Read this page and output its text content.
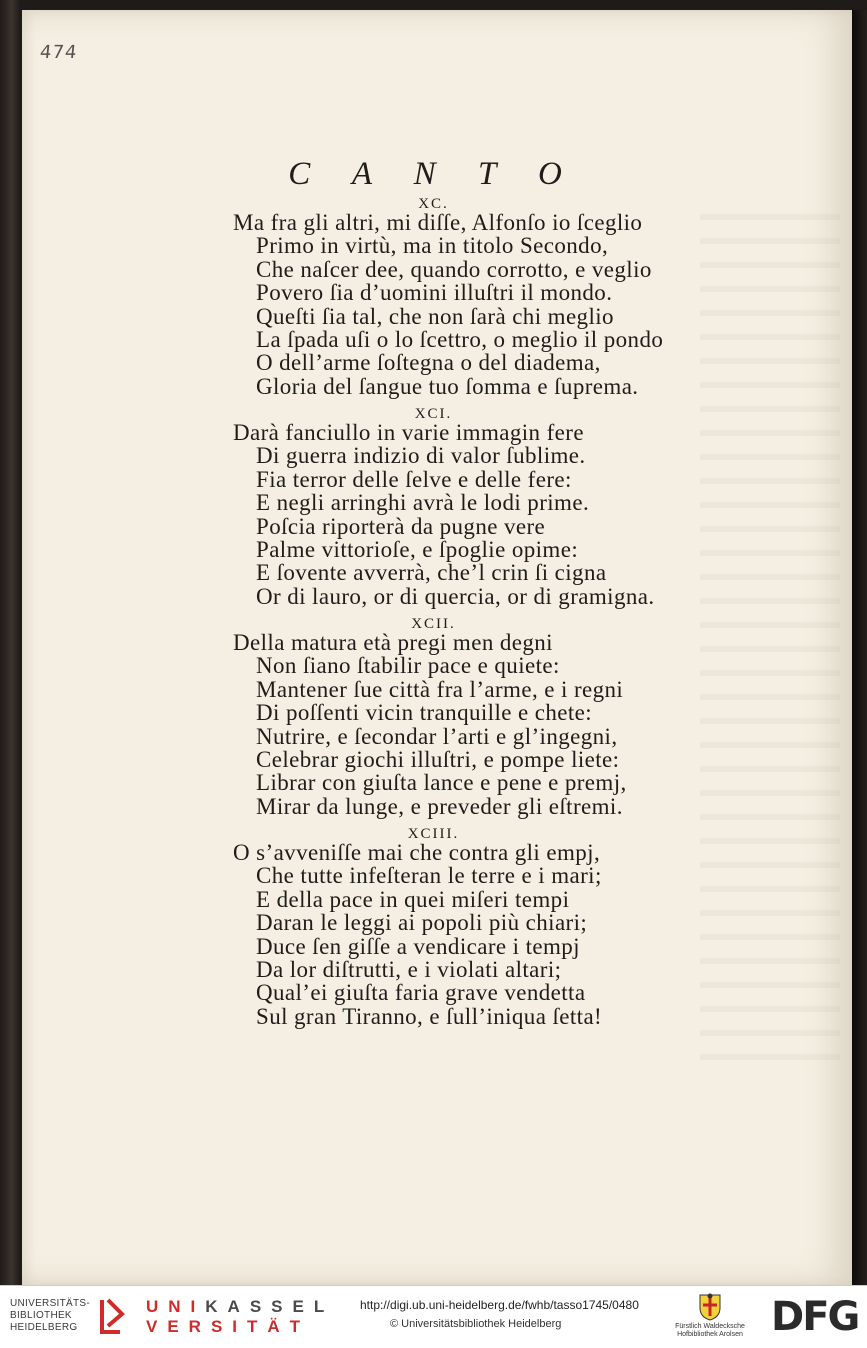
474
C A N T O
XC.
Ma fra gli altri, mi diſſe, Alfonſo io ſceglio
Primo in virtù, ma in titolo Secondo,
Che naſcer dee, quando corrotto, e veglio
Povero ſia d’uomini illuſtri il mondo.
Queſti ſia tal, che non ſarà chi meglio
La ſpada uſi o lo ſcettro, o meglio il pondo
O dell’arme ſoſtegna o del diadema,
Gloria del ſangue tuo ſomma e ſuprema.
XCI.
Darà fanciullo in varie immagin fere
Di guerra indizio di valor ſublime.
Fia terror delle ſelve e delle fere:
E negli arringhi avrà le lodi prime.
Poſcia riporterà da pugne vere
Palme vittorioſe, e ſpoglie opime:
E ſovente avverrà, che’l crin ſi cigna
Or di lauro, or di quercia, or di gramigna.
XCII.
Della matura età pregi men degni
Non ſiano ſtabilir pace e quiete:
Mantener ſue città fra l’arme, e i regni
Di poſſenti vicin tranquille e chete:
Nutrire, e ſecondar l’arti e gl’ingegni,
Celebrar giochi illuſtri, e pompe liete:
Librar con giuſta lance e pene e premj,
Mirar da lunge, e preveder gli eſtremi.
XCIII.
O s’avveniſſe mai che contra gli empj,
Che tutte infeſteran le terre e i mari;
E della pace in quei miſeri tempi
Daran le leggi ai popoli più chiari;
Duce ſen giſſe a vendicare i tempj
Da lor diſtrutti, e i violati altari;
Qual’ei giuſta faria grave vendetta
Sul gran Tiranno, e ſull’iniqua ſetta!
UNIVERSITÄTS-
BIBLIOTHEK
HEIDELBERG
UNIKASSEL
VERSITÄT
http://digi.ub.uni-heidelberg.de/fwhb/tasso1745/0480
© Universitätsbibliothek Heidelberg	Fürstlich Waldecksche
Hofbibliothek Arolsen DFG
